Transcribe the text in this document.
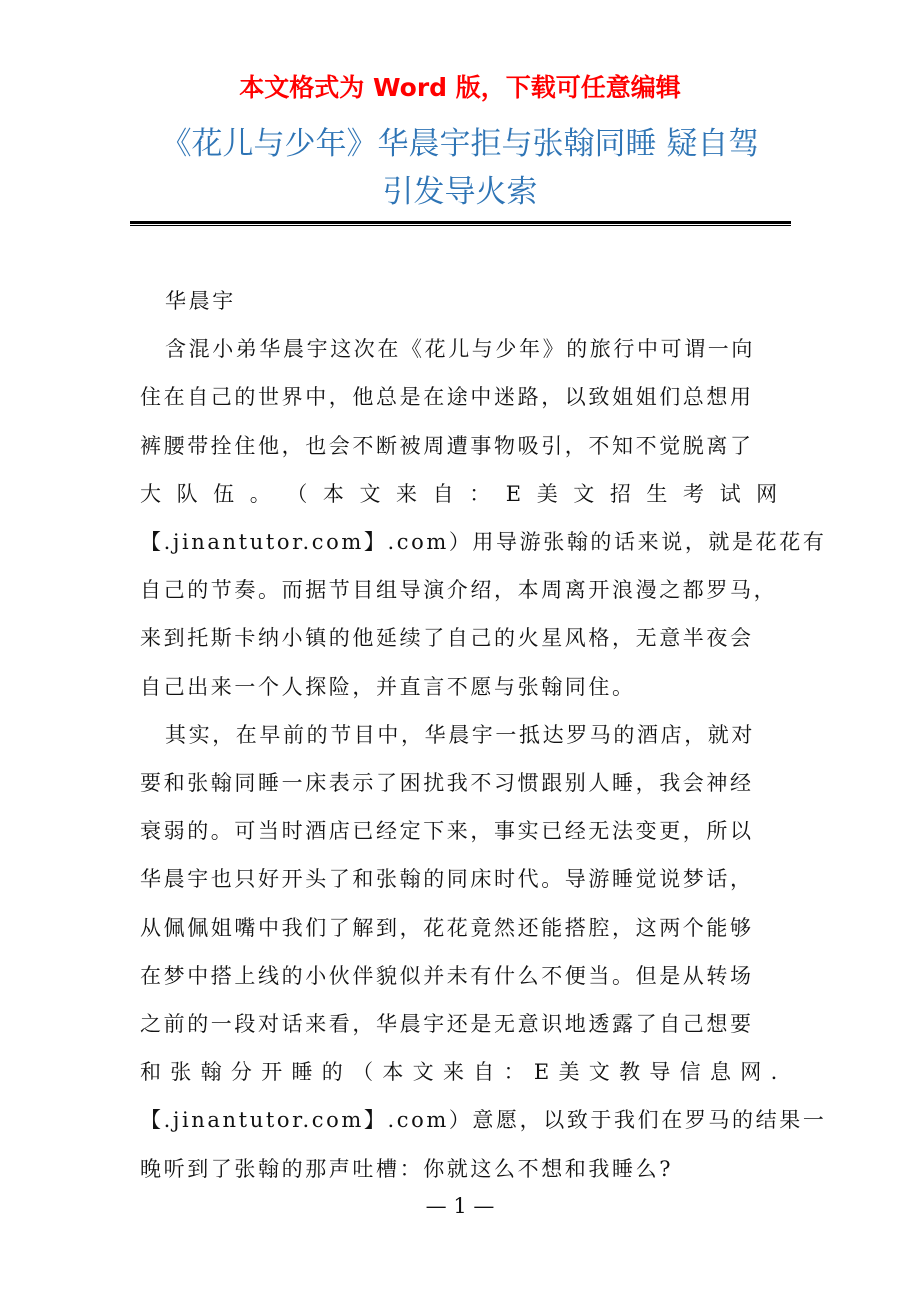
本文格式为 Word 版，下载可任意编辑
《花儿与少年》华晨宇拒与张翰同睡 疑自驾
引发导火索

华晨宇

含混小弟华晨宇这次在《花儿与少年》的旅行中可谓一向
住在自己的世界中，他总是在途中迷路，以致姐姐们总想用
裤腰带拴住他，也会不断被周遭事物吸引，不知不觉脱离了
大 队 伍 。 （ 本 文 来 自 ： E 美 文 招 生 考 试 网
【.jinantutor.com】.com）用导游张翰的话来说，就是花花有
自己的节奏。而据节目组导演介绍，本周离开浪漫之都罗马，
来到托斯卡纳小镇的他延续了自己的火星风格，无意半夜会
自己出来一个人探险，并直言不愿与张翰同住。

其实，在早前的节目中，华晨宇一抵达罗马的酒店，就对
要和张翰同睡一床表示了困扰我不习惯跟别人睡，我会神经
衰弱的。可当时酒店已经定下来，事实已经无法变更，所以
华晨宇也只好开头了和张翰的同床时代。导游睡觉说梦话，
从佩佩姐嘴中我们了解到，花花竟然还能搭腔，这两个能够
在梦中搭上线的小伙伴貌似并未有什么不便当。但是从转场
之前的一段对话来看，华晨宇还是无意识地透露了自己想要
和 张 翰 分 开 睡 的 （ 本 文 来 自 ： E 美 文 教 导 信 息 网 .
【.jinantutor.com】.com）意愿，以致于我们在罗马的结果一
晚听到了张翰的那声吐槽：你就这么不想和我睡么?

— 1 —
